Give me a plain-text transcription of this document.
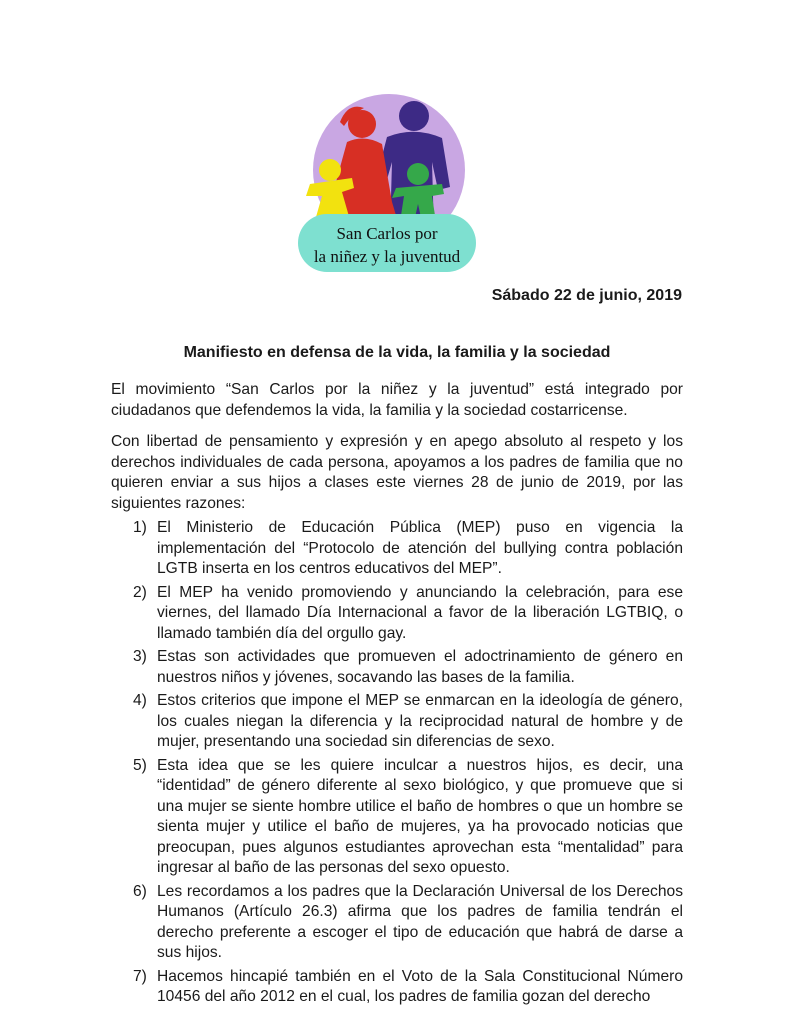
San Carlos por
la niñez y la juventud
Sábado 22 de junio, 2019
Manifiesto en defensa de la vida, la familia y la sociedad

El movimiento “San Carlos por la niñez y la juventud” está integrado por ciudadanos que defendemos la vida, la familia y la sociedad costarricense.

Con libertad de pensamiento y expresión y en apego absoluto al respeto y los derechos individuales de cada persona, apoyamos a los padres de familia que no quieren enviar a sus hijos a clases este viernes 28 de junio de 2019, por las siguientes razones:

1) El Ministerio de Educación Pública (MEP) puso en vigencia la implementación del “Protocolo de atención del bullying contra población LGTB inserta en los centros educativos del MEP”.
2) El MEP ha venido promoviendo y anunciando la celebración, para ese viernes, del llamado Día Internacional a favor de la liberación LGTBIQ, o llamado también día del orgullo gay.
3) Estas son actividades que promueven el adoctrinamiento de género en nuestros niños y jóvenes, socavando las bases de la familia.
4) Estos criterios que impone el MEP se enmarcan en la ideología de género, los cuales niegan la diferencia y la reciprocidad natural de hombre y de mujer, presentando una sociedad sin diferencias de sexo.
5) Esta idea que se les quiere inculcar a nuestros hijos, es decir, una “identidad” de género diferente al sexo biológico, y que promueve que si una mujer se siente hombre utilice el baño de hombres o que un hombre se sienta mujer y utilice el baño de mujeres, ya ha provocado noticias que preocupan, pues algunos estudiantes aprovechan esta “mentalidad” para ingresar al baño de las personas del sexo opuesto.
6) Les recordamos a los padres que la Declaración Universal de los Derechos Humanos (Artículo 26.3) afirma que los padres de familia tendrán el derecho preferente a escoger el tipo de educación que habrá de darse a sus hijos.
7) Hacemos hincapié también en el Voto de la Sala Constitucional Número 10456 del año 2012 en el cual, los padres de familia gozan del derecho
